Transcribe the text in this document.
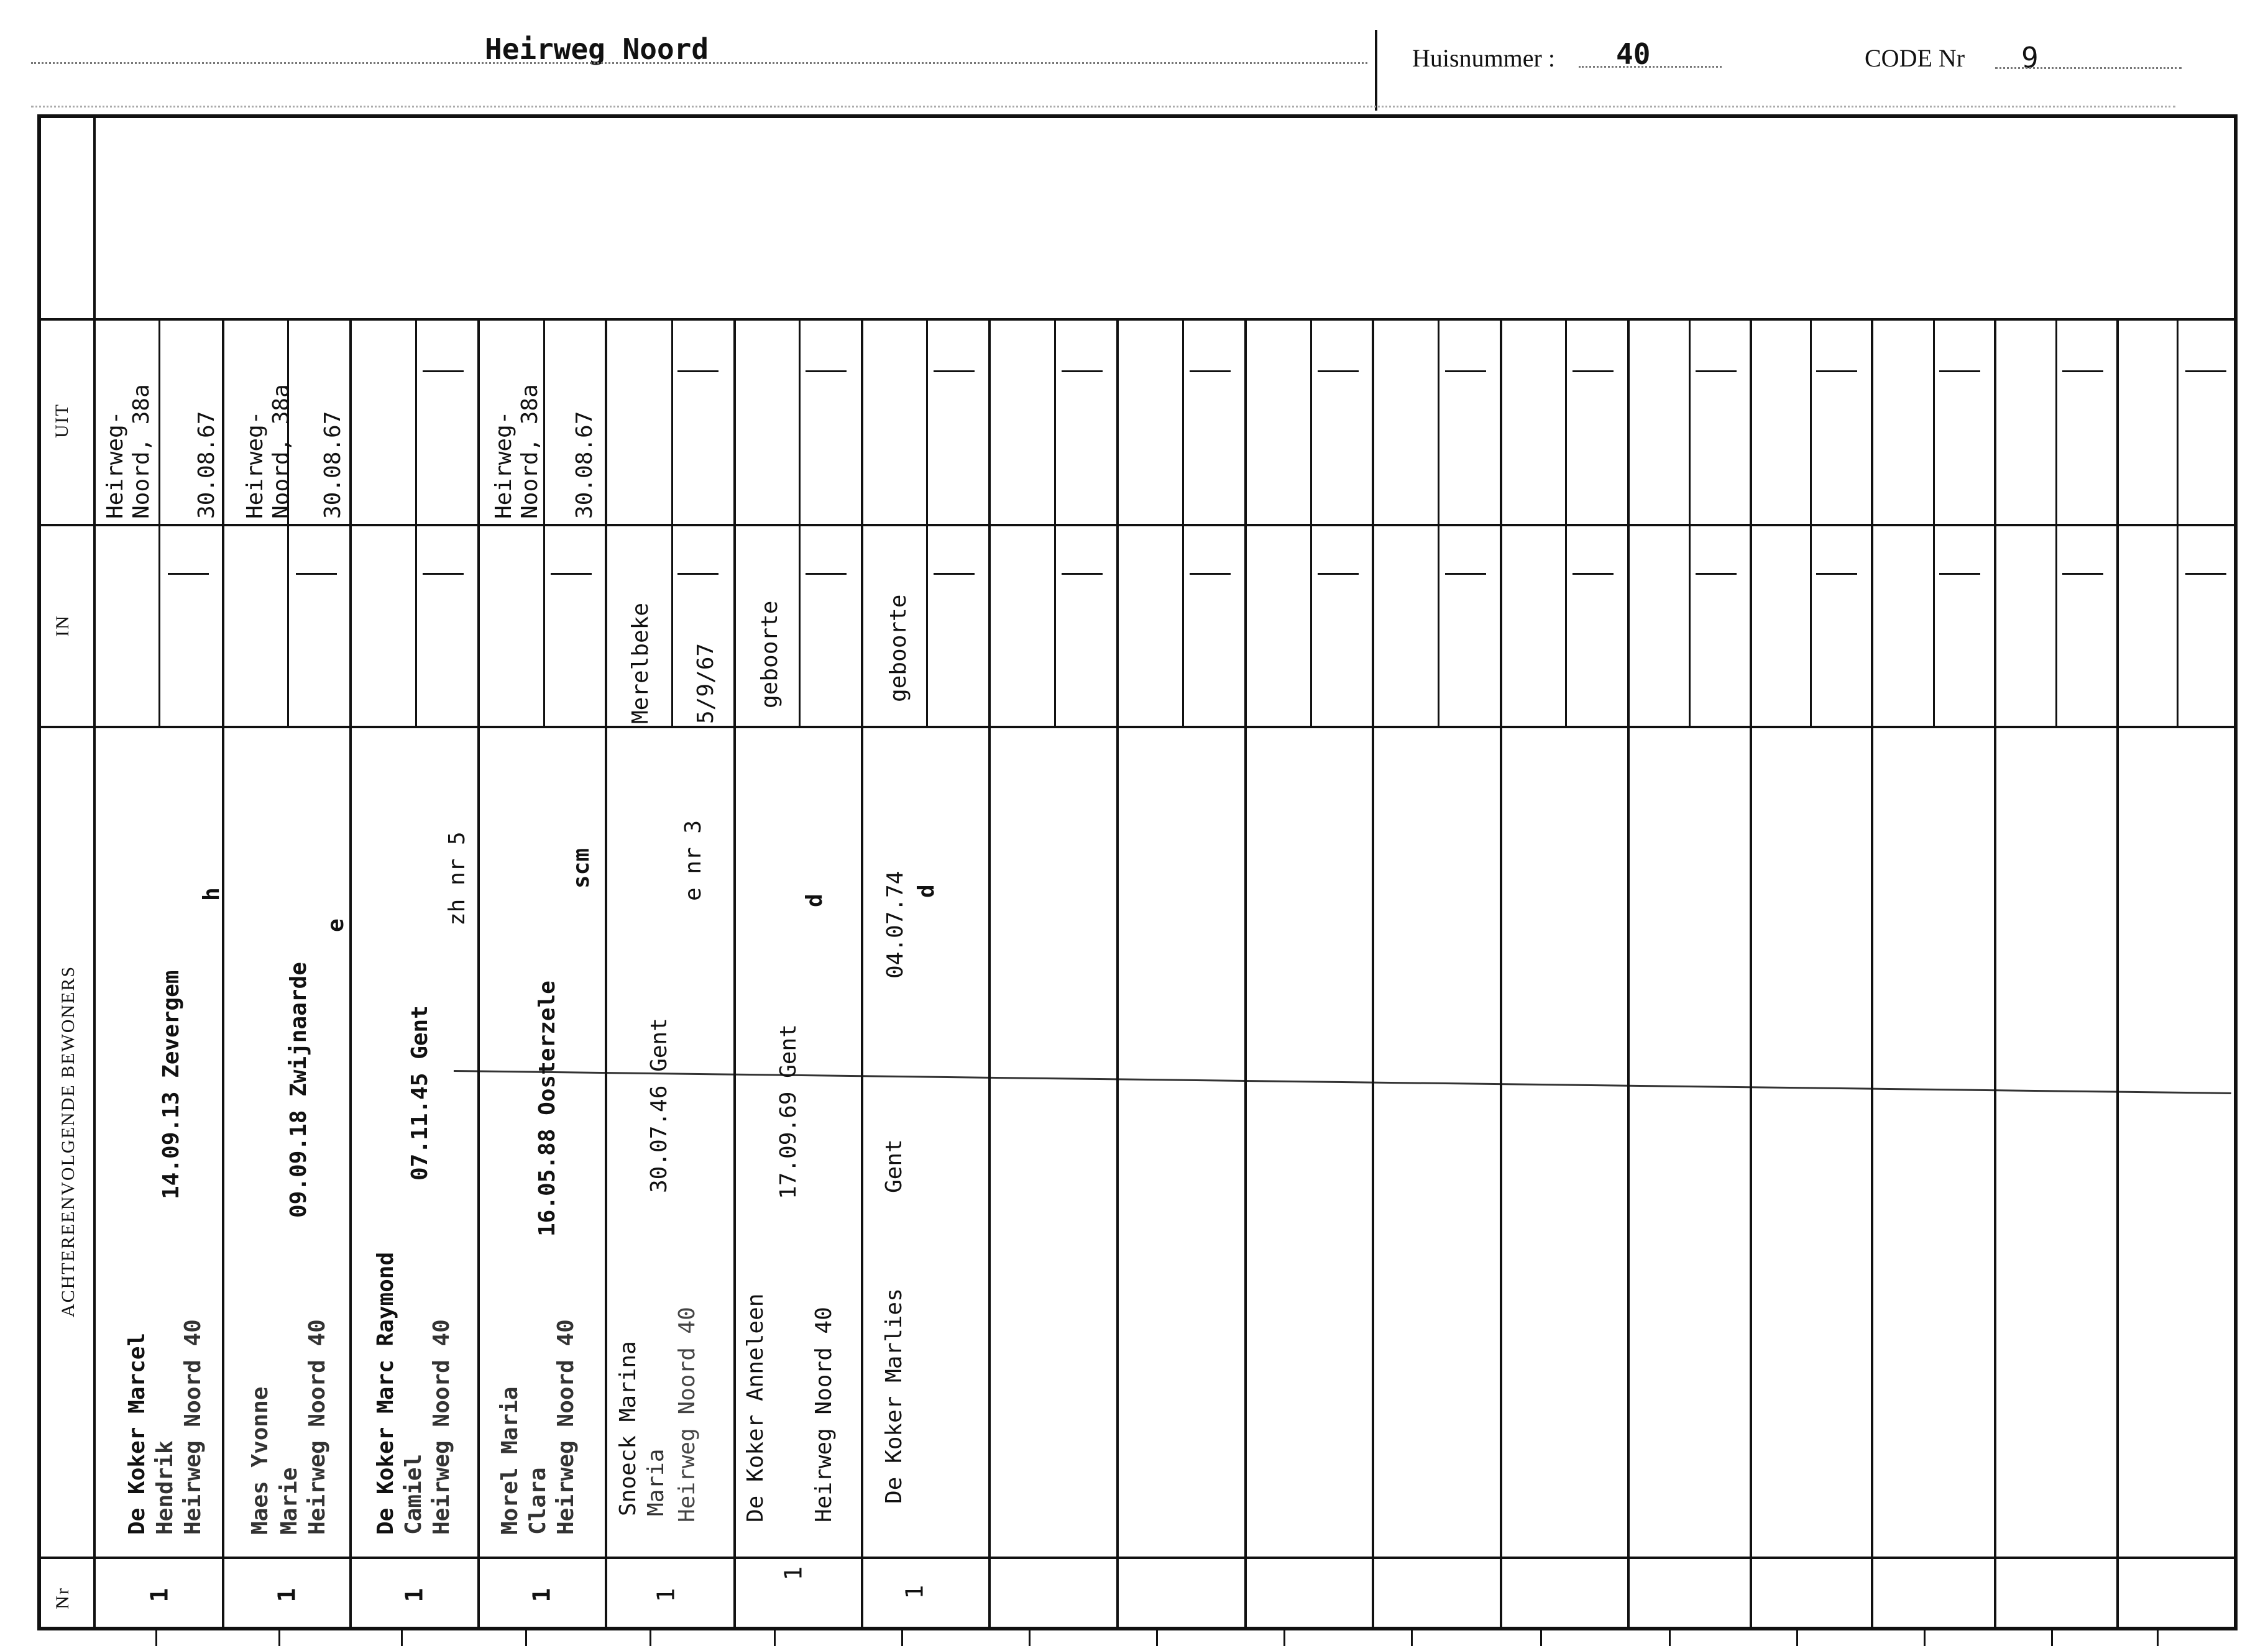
Heirweg Noord	Huisnummer : 40	CODE Nr 9
UIT
IN
ACHTEREENVOLGENDE BEWONERS
Nr
Heirweg-
Noord, 38a
30.08.67
De Koker Marcel Hendrik Heirweg Noord 40
14.09.13 Zevergem
h
1
Heirweg-
Noord, 38a
30.08.67
Maes Yvonne Marie Heirweg Noord 40
09.09.18 Zwijnaarde
e
1
De Koker Marc Raymond Camiel Heirweg Noord 40
07.11.45 Gent
zh nr 5
1
Heirweg-
Noord, 38a
30.08.67
Morel Maria Clara Heirweg Noord 40
16.05.88 Oosterzele
scm
1
Merelbeke 5/9/67
Snoeck Marina Maria Heirweg Noord 40
30.07.46 Gent
e nr 3
1
geboorte
De Koker Anneleen Heirweg Noord 40
17.09.69 Gent
d
1
geboorte
De Koker Marlies
Gent
04.07.74 d
1
